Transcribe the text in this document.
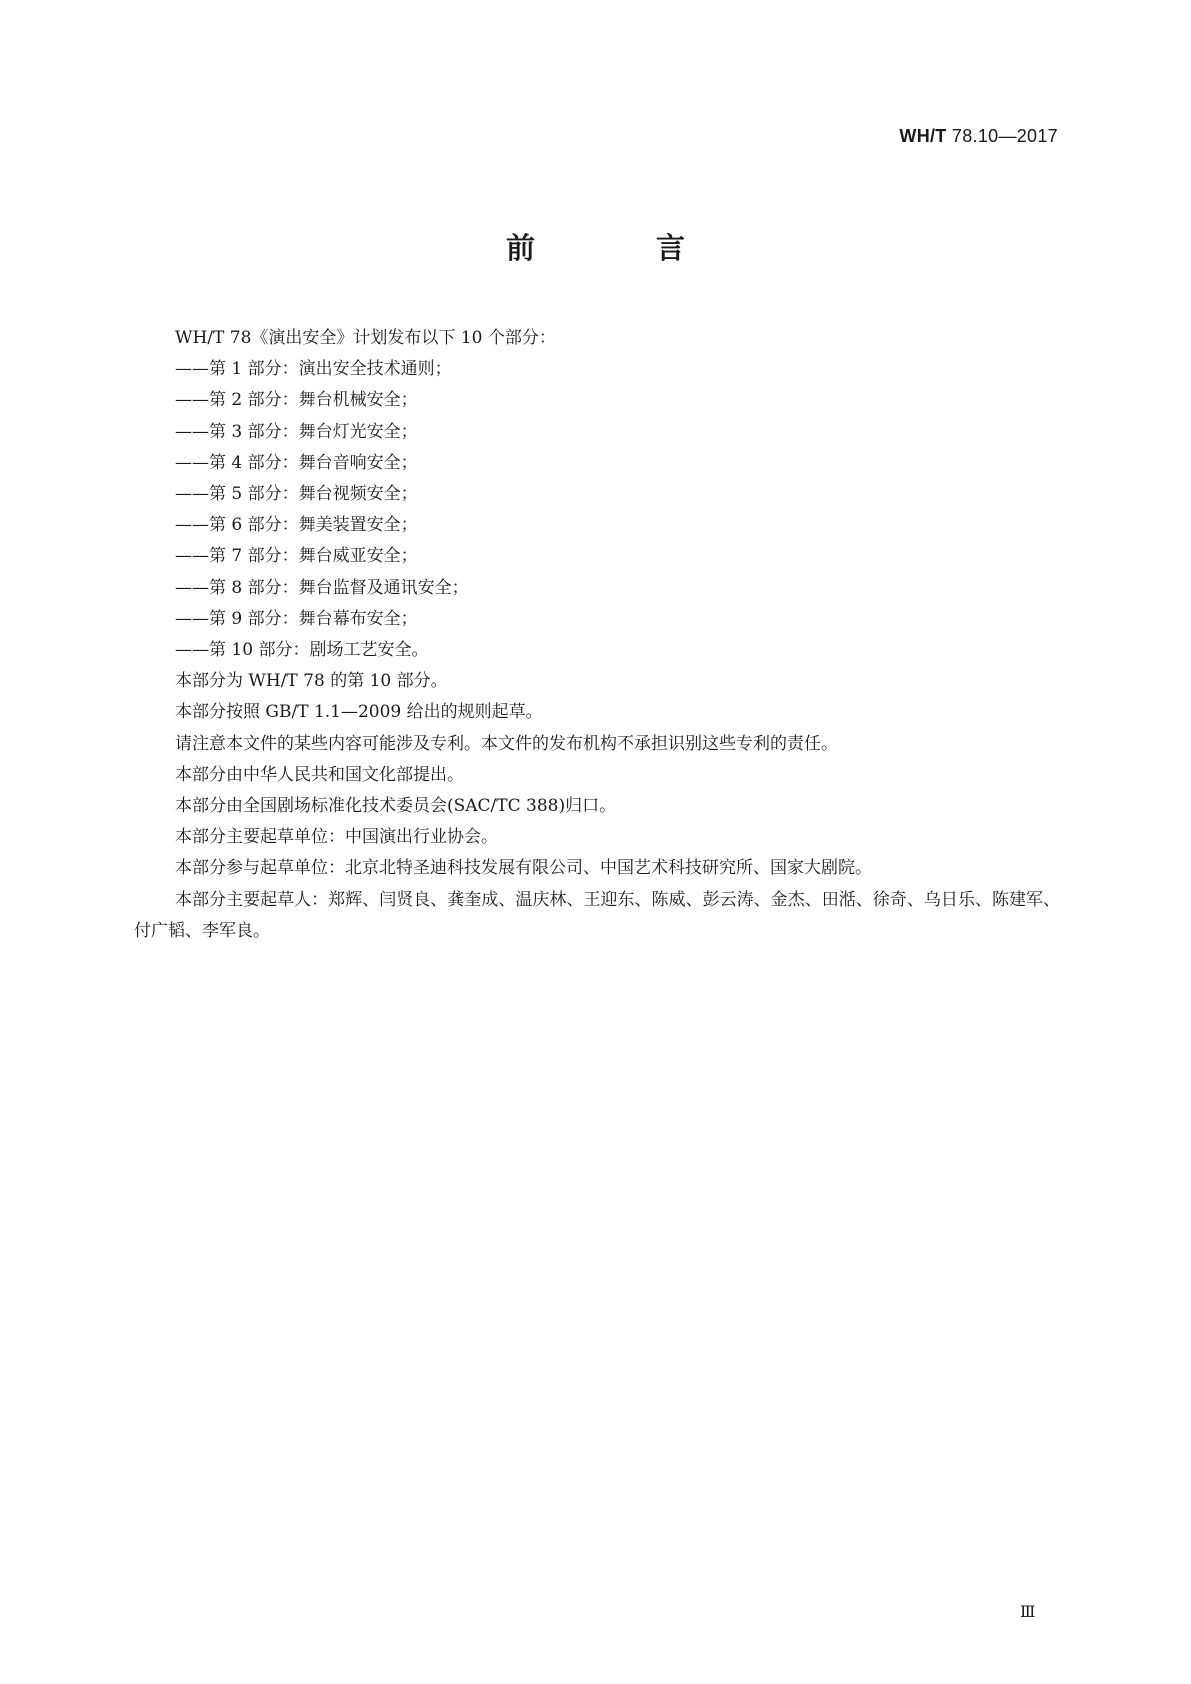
WH/T 78.10—2017
前　言

WH/T 78《演出安全》计划发布以下 10 个部分：

——第 1 部分：演出安全技术通则；

——第 2 部分：舞台机械安全；

——第 3 部分：舞台灯光安全；

——第 4 部分：舞台音响安全；

——第 5 部分：舞台视频安全；

——第 6 部分：舞美装置安全；

——第 7 部分：舞台威亚安全；

——第 8 部分：舞台监督及通讯安全；

——第 9 部分：舞台幕布安全；

——第 10 部分：剧场工艺安全。

本部分为 WH/T 78 的第 10 部分。

本部分按照 GB/T 1.1—2009 给出的规则起草。

请注意本文件的某些内容可能涉及专利。本文件的发布机构不承担识别这些专利的责任。

本部分由中华人民共和国文化部提出。

本部分由全国剧场标准化技术委员会(SAC/TC 388)归口。

本部分主要起草单位：中国演出行业协会。

本部分参与起草单位：北京北特圣迪科技发展有限公司、中国艺术科技研究所、国家大剧院。

本部分主要起草人：郑辉、闫贤良、龚奎成、温庆林、王迎东、陈威、彭云涛、金杰、田湉、徐奇、乌日乐、陈建军、付广韬、李军良。

Ⅲ
